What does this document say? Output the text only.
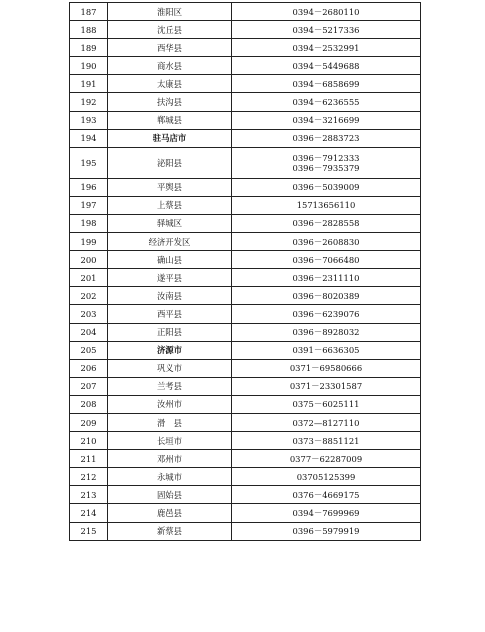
187	淮阳区	0394－2680110

188	沈丘县	0394－5217336

189	西华县	0394－2532991

190	商水县	0394－5449688

191	太康县	0394－6858699

192	扶沟县	0394－6236555

193	郸城县	0394－3216699

194	驻马店市	0396－2883723

195	泌阳县	0396－7912333
0396－7935379

196	平舆县	0396－5039009

197	上蔡县	15713656110

198	驿城区	0396－2828558

199	经济开发区	0396－2608830

200	确山县	0396－7066480

201	遂平县	0396－2311110

202	汝南县	0396－8020389

203	西平县	0396－6239076

204	正阳县	0396－8928032

205	济源市	0391－6636305

206	巩义市	0371－69580666

207	兰考县	0371－23301587

208	汝州市	0375－6025111

209	滑　县	0372—8127110

210	长垣市	0373－8851121

211	邓州市	0377－62287009

212	永城市	03705125399

213	固始县	0376－4669175

214	鹿邑县	0394－7699969

215	新蔡县	0396－5979919
